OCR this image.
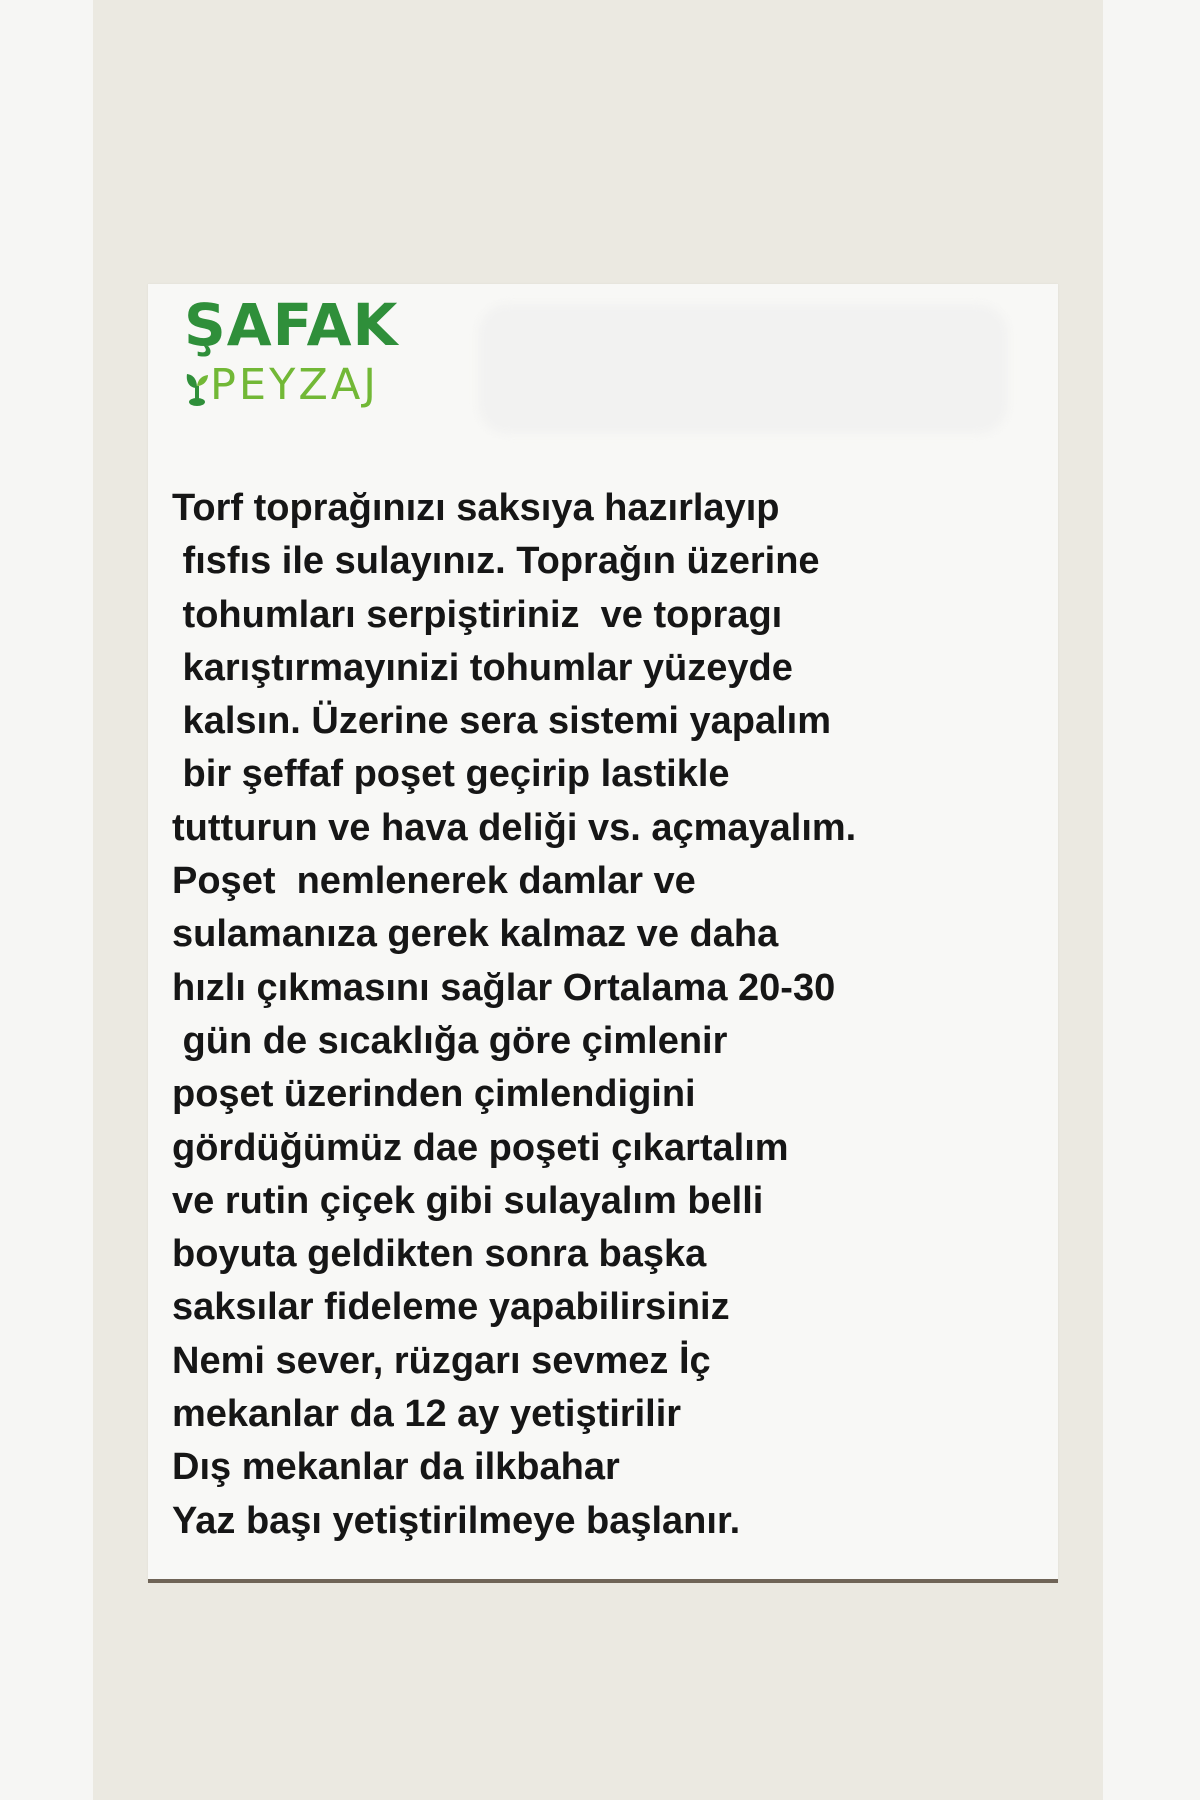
ŞAFAK
PEYZAJ
Torf toprağınızı saksıya hazırlayıp
fısfıs ile sulayınız. Toprağın üzerine
tohumları serpiştiriniz  ve topragı
karıştırmayınizi tohumlar yüzeyde
kalsın. Üzerine sera sistemi yapalım
bir şeffaf poşet geçirip lastikle
tutturun ve hava deliği vs. açmayalım.
Poşet  nemlenerek damlar ve
sulamanıza gerek kalmaz ve daha
hızlı çıkmasını sağlar Ortalama 20-30
gün de sıcaklığa göre çimlenir
poşet üzerinden çimlendigini
gördüğümüz dae poşeti çıkartalım
ve rutin çiçek gibi sulayalım belli
boyuta geldikten sonra başka
saksılar fideleme yapabilirsiniz
Nemi sever, rüzgarı sevmez İç
mekanlar da 12 ay yetiştirilir
Dış mekanlar da ilkbahar
Yaz başı yetiştirilmeye başlanır.
